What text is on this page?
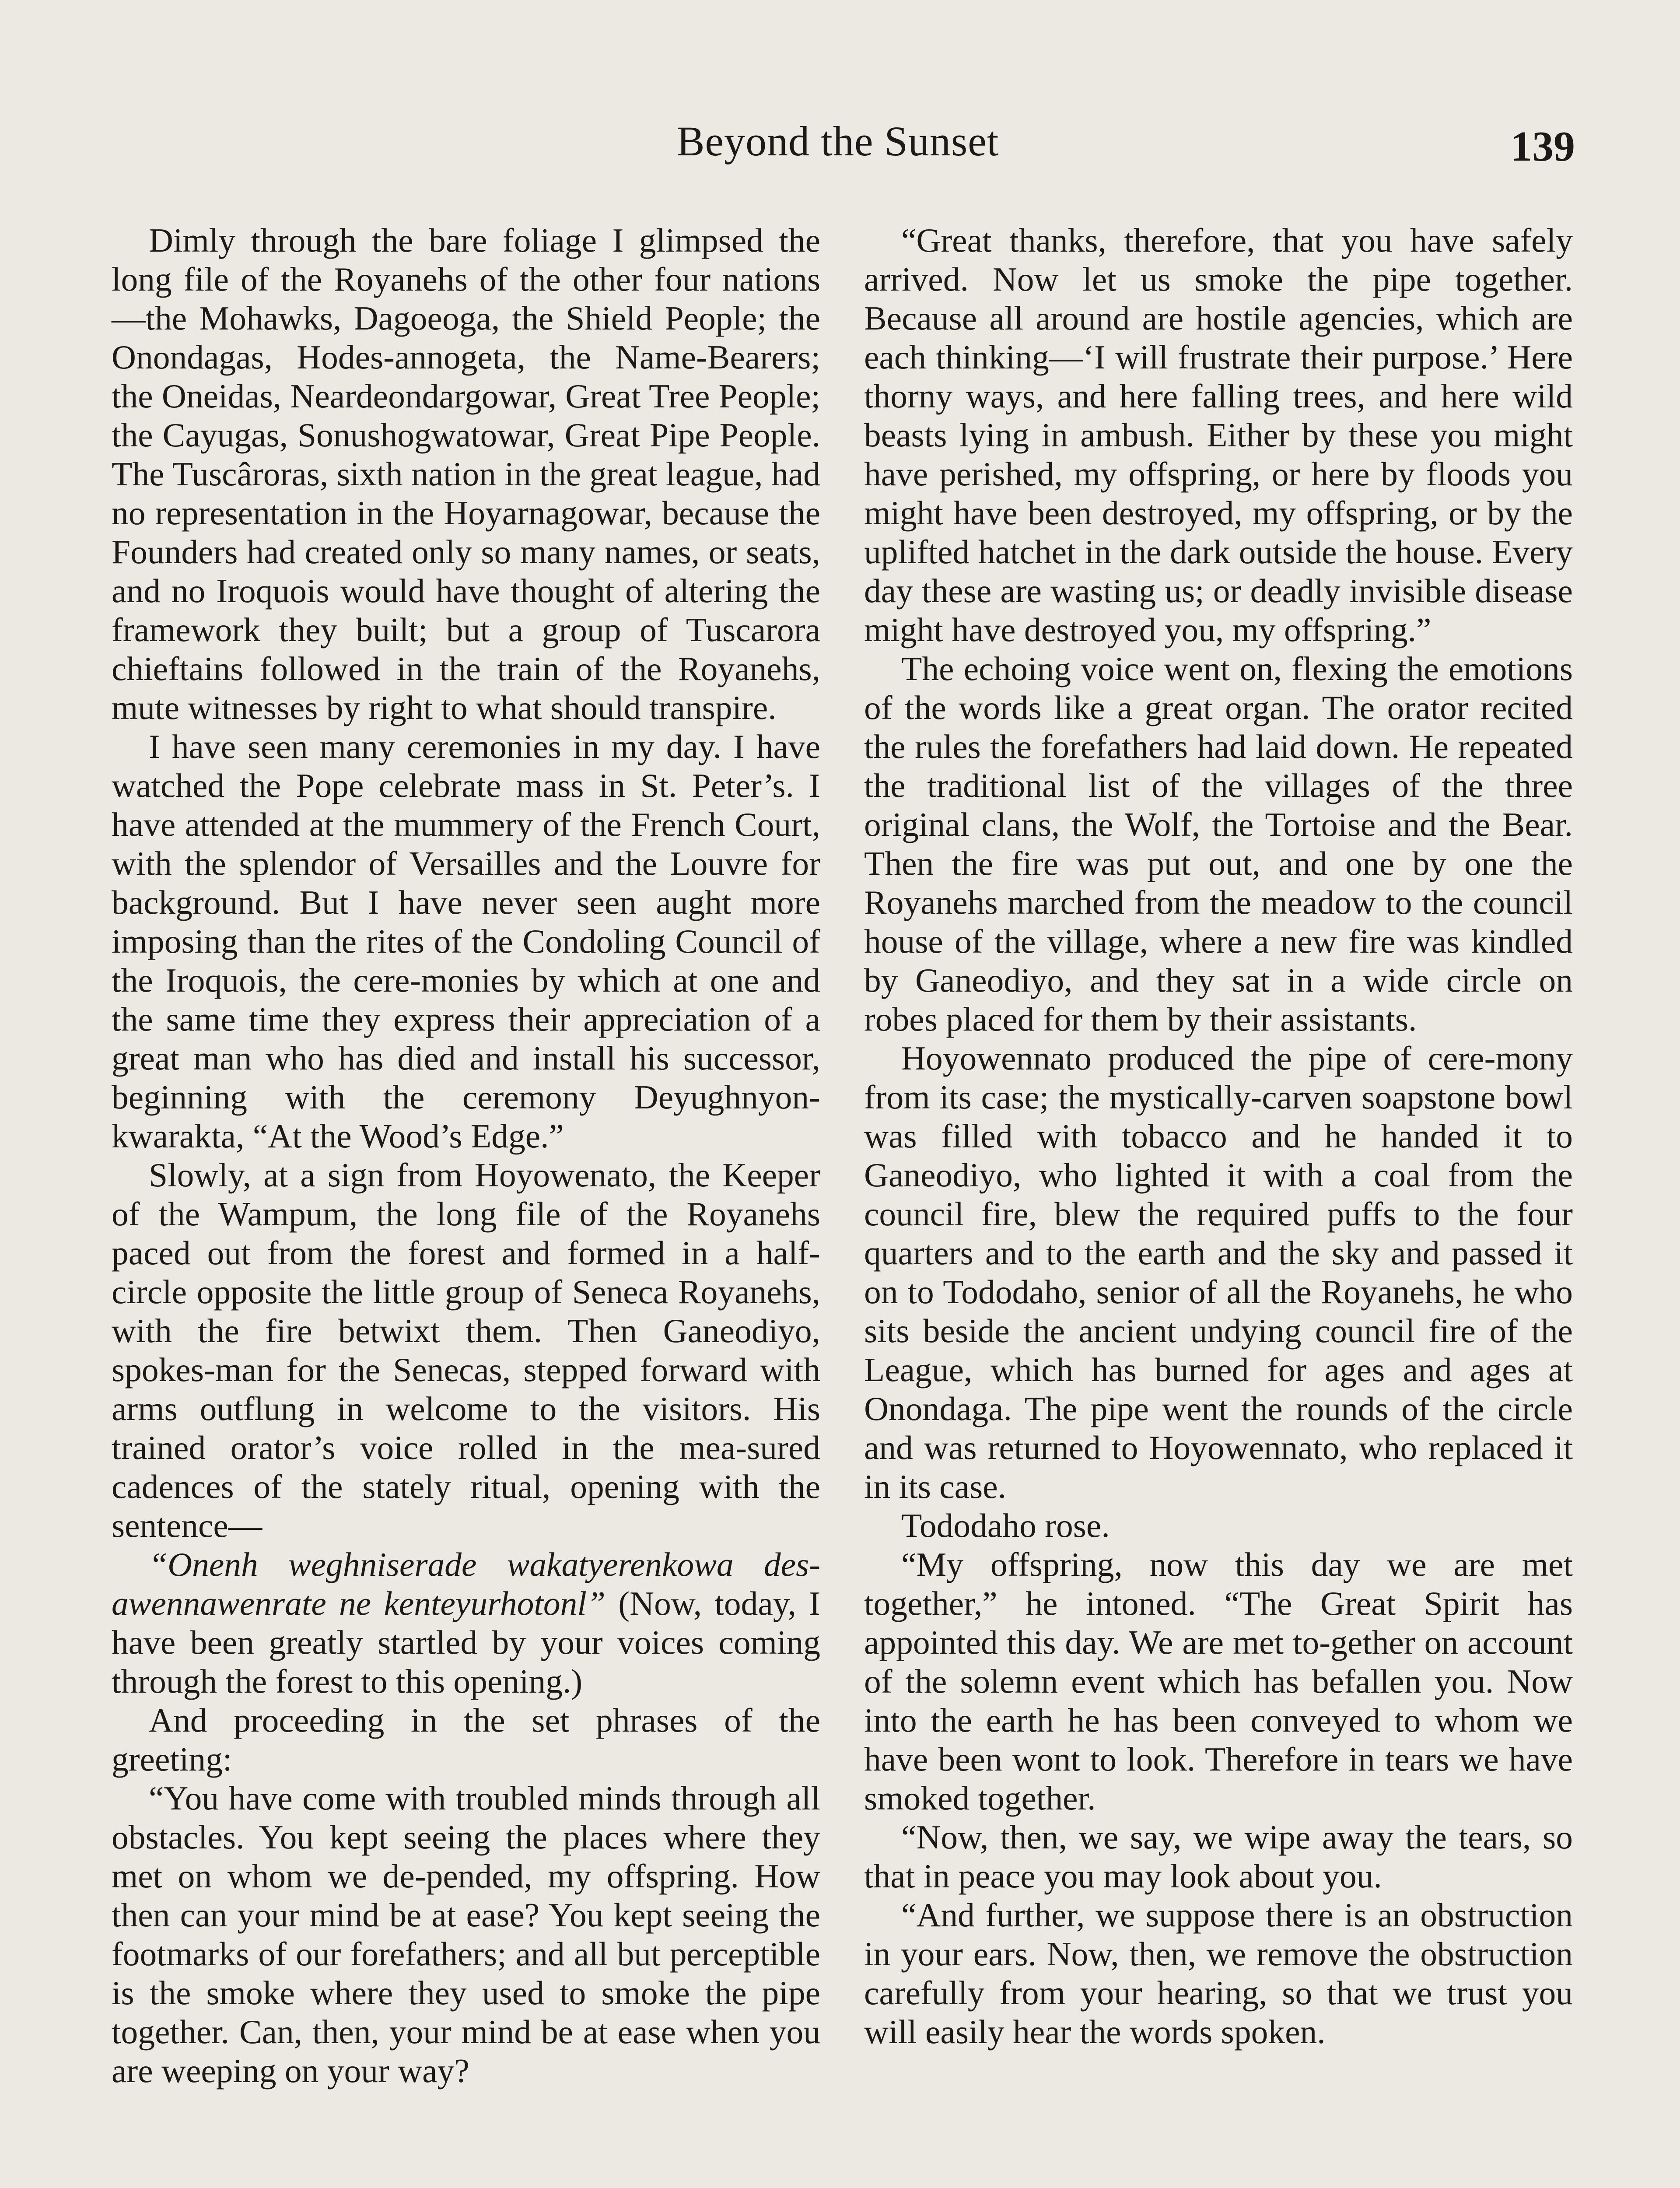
Beyond the Sunset	139

Dimly through the bare foliage I glimpsed the long file of the Royanehs of the other four nations—the Mohawks, Dagoeoga, the Shield People; the Onondagas, Hodes-annogeta, the Name-Bearers; the Oneidas, Neardeondargowar, Great Tree People; the Cayugas, Sonushogwatowar, Great Pipe People. The Tuscâroras, sixth nation in the great league, had no representation in the Hoyarnagowar, because the Founders had created only so many names, or seats, and no Iroquois would have thought of altering the framework they built; but a group of Tuscarora chieftains followed in the train of the Royanehs, mute witnesses by right to what should transpire.

I have seen many ceremonies in my day. I have watched the Pope celebrate mass in St. Peter’s. I have attended at the mummery of the French Court, with the splendor of Versailles and the Louvre for background. But I have never seen aught more imposing than the rites of the Condoling Council of the Iroquois, the cere-monies by which at one and the same time they express their appreciation of a great man who has died and install his successor, beginning with the ceremony Deyughnyon-kwarakta, “At the Wood’s Edge.”

Slowly, at a sign from Hoyowenato, the Keeper of the Wampum, the long file of the Royanehs paced out from the forest and formed in a half-circle opposite the little group of Seneca Royanehs, with the fire betwixt them. Then Ganeodiyo, spokes-man for the Senecas, stepped forward with arms outflung in welcome to the visitors. His trained orator’s voice rolled in the mea-sured cadences of the stately ritual, opening with the sentence—

“Onenh weghniserade wakatyerenkowa des-awennawenrate ne kenteyurhotonl” (Now, today, I have been greatly startled by your voices coming through the forest to this opening.)

And proceeding in the set phrases of the greeting:

“You have come with troubled minds through all obstacles. You kept seeing the places where they met on whom we de-pended, my offspring. How then can your mind be at ease? You kept seeing the footmarks of our forefathers; and all but perceptible is the smoke where they used to smoke the pipe together. Can, then, your mind be at ease when you are weeping on your way?

“Great thanks, therefore, that you have safely arrived. Now let us smoke the pipe together. Because all around are hostile agencies, which are each thinking—‘I will frustrate their purpose.’ Here thorny ways, and here falling trees, and here wild beasts lying in ambush. Either by these you might have perished, my offspring, or here by floods you might have been destroyed, my offspring, or by the uplifted hatchet in the dark outside the house. Every day these are wasting us; or deadly invisible disease might have destroyed you, my offspring.”

The echoing voice went on, flexing the emotions of the words like a great organ. The orator recited the rules the forefathers had laid down. He repeated the traditional list of the villages of the three original clans, the Wolf, the Tortoise and the Bear. Then the fire was put out, and one by one the Royanehs marched from the meadow to the council house of the village, where a new fire was kindled by Ganeodiyo, and they sat in a wide circle on robes placed for them by their assistants.

Hoyowennato produced the pipe of cere-mony from its case; the mystically-carven soapstone bowl was filled with tobacco and he handed it to Ganeodiyo, who lighted it with a coal from the council fire, blew the required puffs to the four quarters and to the earth and the sky and passed it on to Tododaho, senior of all the Royanehs, he who sits beside the ancient undying council fire of the League, which has burned for ages and ages at Onondaga. The pipe went the rounds of the circle and was returned to Hoyowennato, who replaced it in its case.

Tododaho rose.

“My offspring, now this day we are met together,” he intoned. “The Great Spirit has appointed this day. We are met to-gether on account of the solemn event which has befallen you. Now into the earth he has been conveyed to whom we have been wont to look. Therefore in tears we have smoked together.

“Now, then, we say, we wipe away the tears, so that in peace you may look about you.

“And further, we suppose there is an obstruction in your ears. Now, then, we remove the obstruction carefully from your hearing, so that we trust you will easily hear the words spoken.
